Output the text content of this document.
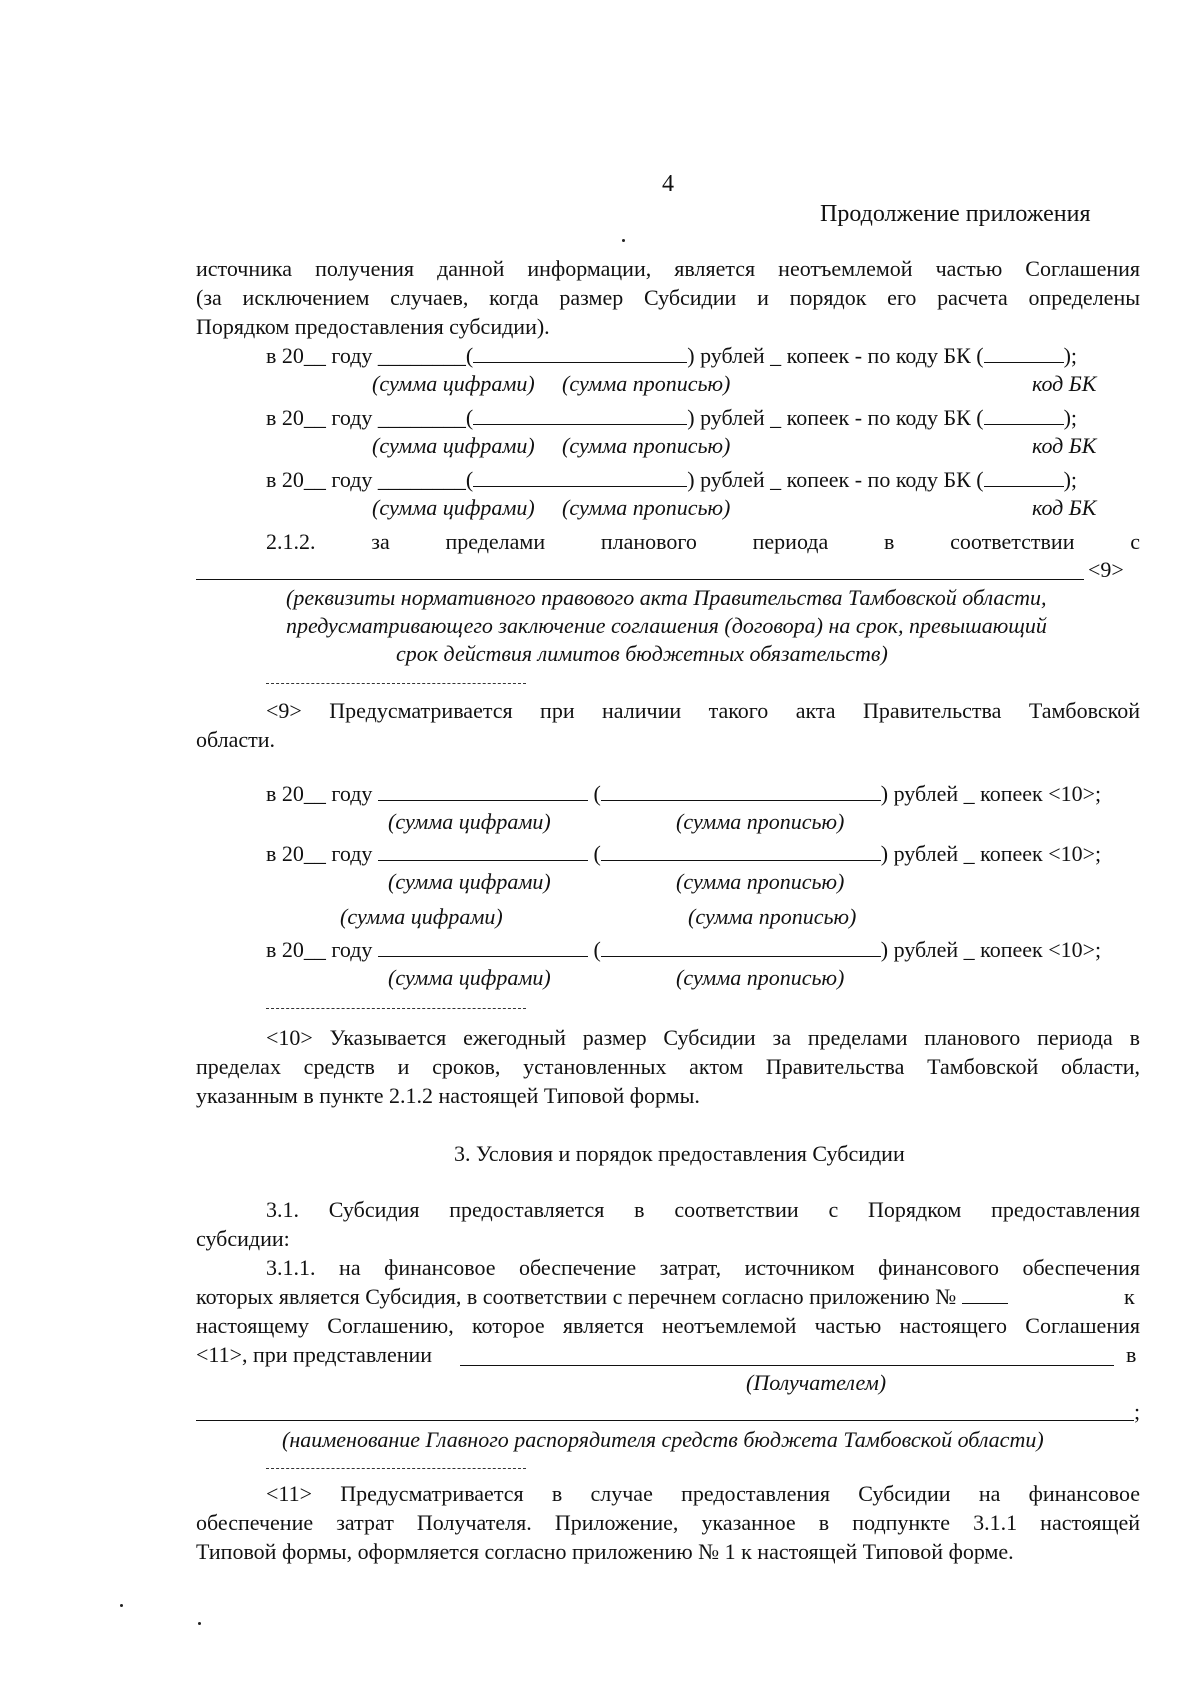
4
Продолжение приложения
источника получения данной информации, является неотъемлемой частью Соглашения
(за исключением случаев, когда размер Субсидии и порядок его расчета определены
Порядком предоставления субсидии).
в 20__ году ________(	) рублей _ копеек - по коду БК (	);
(сумма цифрами) (сумма прописью)	код БК
в 20__ году ________(	) рублей _ копеек - по коду БК (	);
(сумма цифрами) (сумма прописью)	код БК
в 20__ году ________(	) рублей _ копеек - по коду БК (	);
(сумма цифрами) (сумма прописью)	код БК
2.1.2. за пределами планового периода в соответствии с
<9>
(реквизиты нормативного правового акта Правительства Тамбовской области,
предусматривающего заключение соглашения (договора) на срок, превышающий
срок действия лимитов бюджетных обязательств)
<9> Предусматривается при наличии такого акта Правительства Тамбовской
области.
в 20__ году	(	) рублей _ копеек <10>;
(сумма цифрами)	(сумма прописью)
в 20__ году	(	) рублей _ копеек <10>;
(сумма цифрами)	(сумма прописью)
(сумма цифрами)	(сумма прописью)
в 20__ году	(	) рублей _ копеек <10>;
(сумма цифрами)	(сумма прописью)
<10> Указывается ежегодный размер Субсидии за пределами планового периода в
пределах средств и сроков, установленных актом Правительства Тамбовской области,
указанным в пункте 2.1.2 настоящей Типовой формы.
3. Условия и порядок предоставления Субсидии
3.1. Субсидия предоставляется в соответствии с Порядком предоставления
субсидии:
3.1.1. на финансовое обеспечение затрат, источником финансового обеспечения
которых является Субсидия, в соответствии с перечнем согласно приложению №	к
настоящему Соглашению, которое является неотъемлемой частью настоящего Соглашения
<11>, при представлении	в
(Получателем)
;
(наименование Главного распорядителя средств бюджета Тамбовской области)
<11> Предусматривается в случае предоставления Субсидии на финансовое
обеспечение затрат Получателя. Приложение, указанное в подпункте 3.1.1 настоящей
Типовой формы, оформляется согласно приложению № 1 к настоящей Типовой форме.
